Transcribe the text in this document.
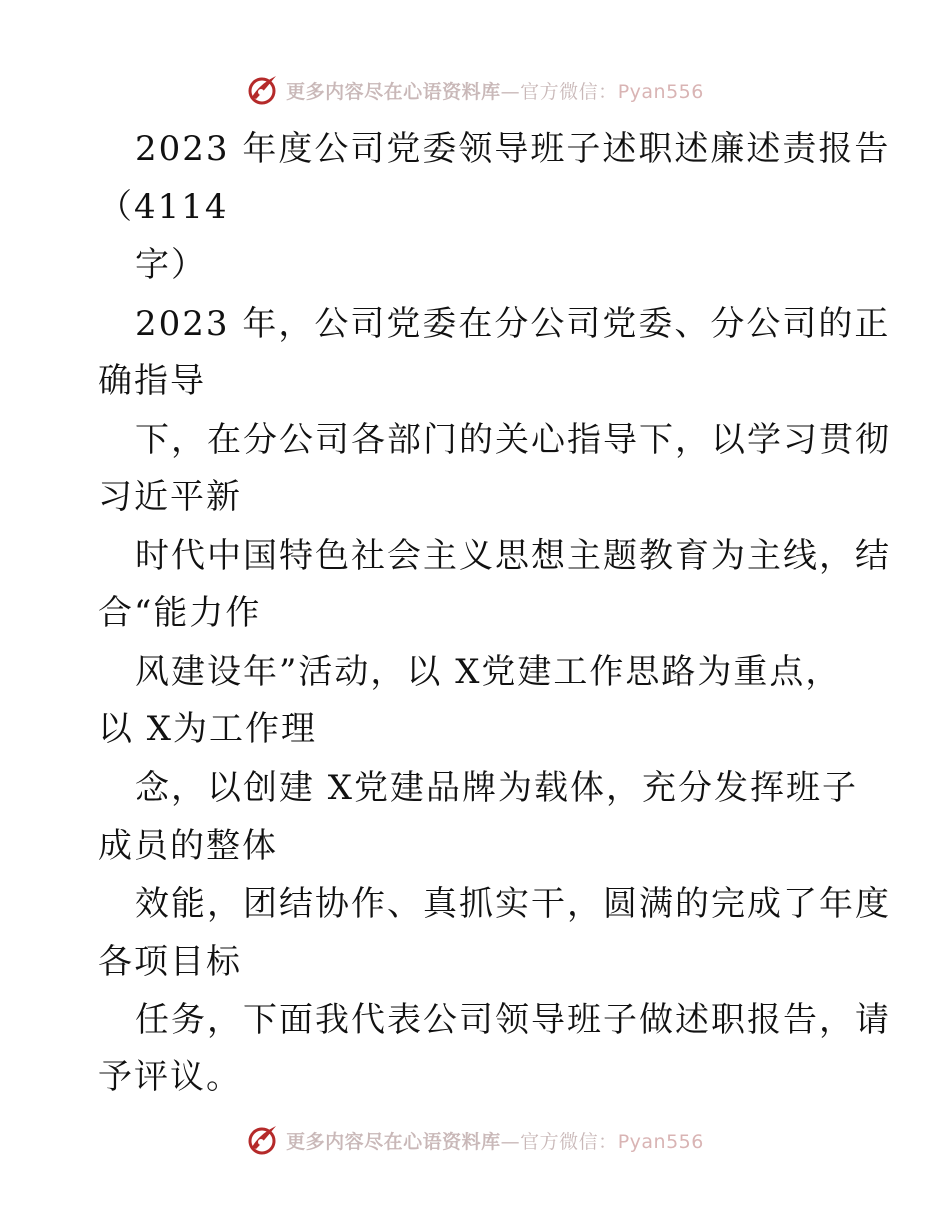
更多内容尽在心语资料库—官方微信：Pyan556
2023 年度公司党委领导班子述职述廉述责报告
（4114
字）
2023 年，公司党委在分公司党委、分公司的正
确指导
下，在分公司各部门的关心指导下，以学习贯彻
习近平新
时代中国特色社会主义思想主题教育为主线，结
合“能力作
风建设年”活动，以 X党建工作思路为重点，
以 X为工作理
念，以创建 X党建品牌为载体，充分发挥班子
成员的整体
效能，团结协作、真抓实干，圆满的完成了年度
各项目标
任务，下面我代表公司领导班子做述职报告，请
予评议。
更多内容尽在心语资料库—官方微信：Pyan556
